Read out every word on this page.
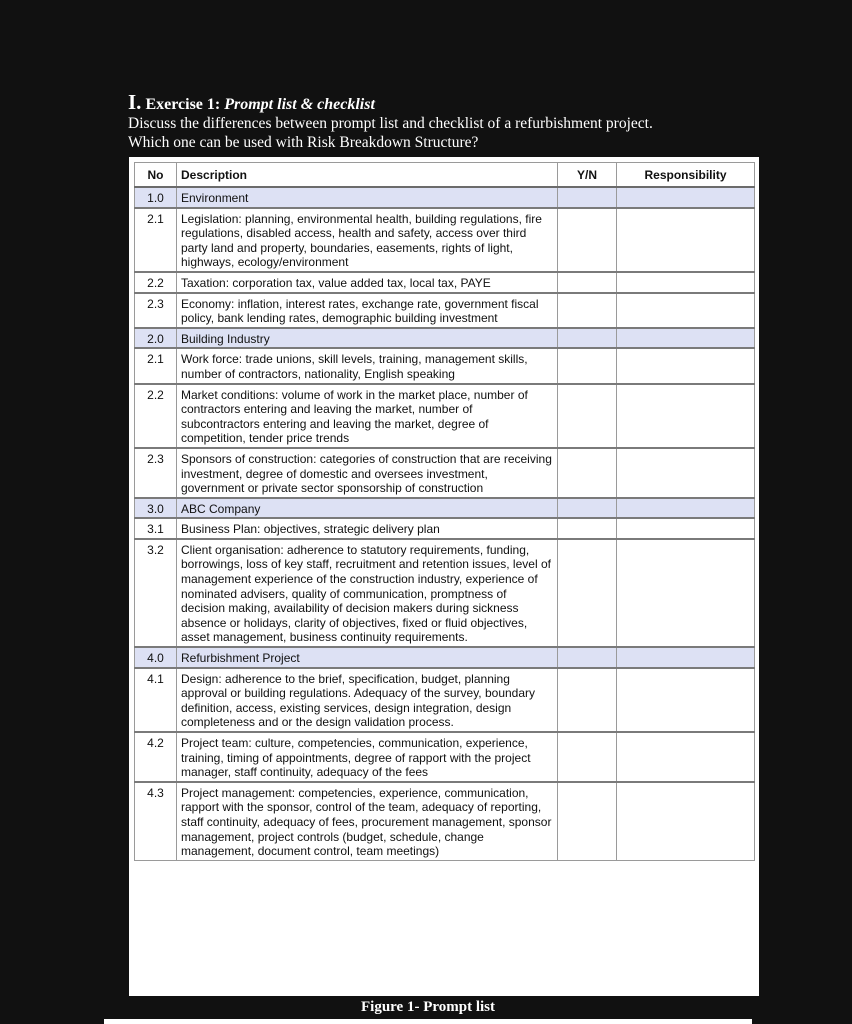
I. Exercise 1: Prompt list & checklist
Discuss the differences between prompt list and checklist of a refurbishment project.
Which one can be used with Risk Breakdown Structure?
No	Description	Y/N	Responsibility
1.0	Environment		
2.1	Legislation: planning, environmental health, building regulations, fire regulations, disabled access, health and safety, access over third party land and property, boundaries, easements, rights of light, highways, ecology/environment		
2.2	Taxation: corporation tax, value added tax, local tax, PAYE		
2.3	Economy: inflation, interest rates, exchange rate, government fiscal policy, bank lending rates, demographic building investment		
2.0	Building Industry		
2.1	Work force: trade unions, skill levels, training, management skills, number of contractors, nationality, English speaking		
2.2	Market conditions: volume of work in the market place, number of contractors entering and leaving the market, number of subcontractors entering and leaving the market, degree of competition, tender price trends		
2.3	Sponsors of construction: categories of construction that are receiving investment, degree of domestic and oversees investment, government or private sector sponsorship of construction		
3.0	ABC Company		
3.1	Business Plan: objectives, strategic delivery plan		
3.2	Client organisation: adherence to statutory requirements, funding, borrowings, loss of key staff, recruitment and retention issues, level of management experience of the construction industry, experience of nominated advisers, quality of communication, promptness of decision making, availability of decision makers during sickness absence or holidays, clarity of objectives, fixed or fluid objectives, asset management, business continuity requirements.		
4.0	Refurbishment Project		
4.1	Design: adherence to the brief, specification, budget, planning approval or building regulations. Adequacy of the survey, boundary definition, access, existing services, design integration, design completeness and or the design validation process.		
4.2	Project team: culture, competencies, communication, experience, training, timing of appointments, degree of rapport with the project manager, staff continuity, adequacy of the fees		
4.3	Project management: competencies, experience, communication, rapport with the sponsor, control of the team, adequacy of reporting, staff continuity, adequacy of fees, procurement management, sponsor management, project controls (budget, schedule, change management, document control, team meetings)		
Figure 1- Prompt list
